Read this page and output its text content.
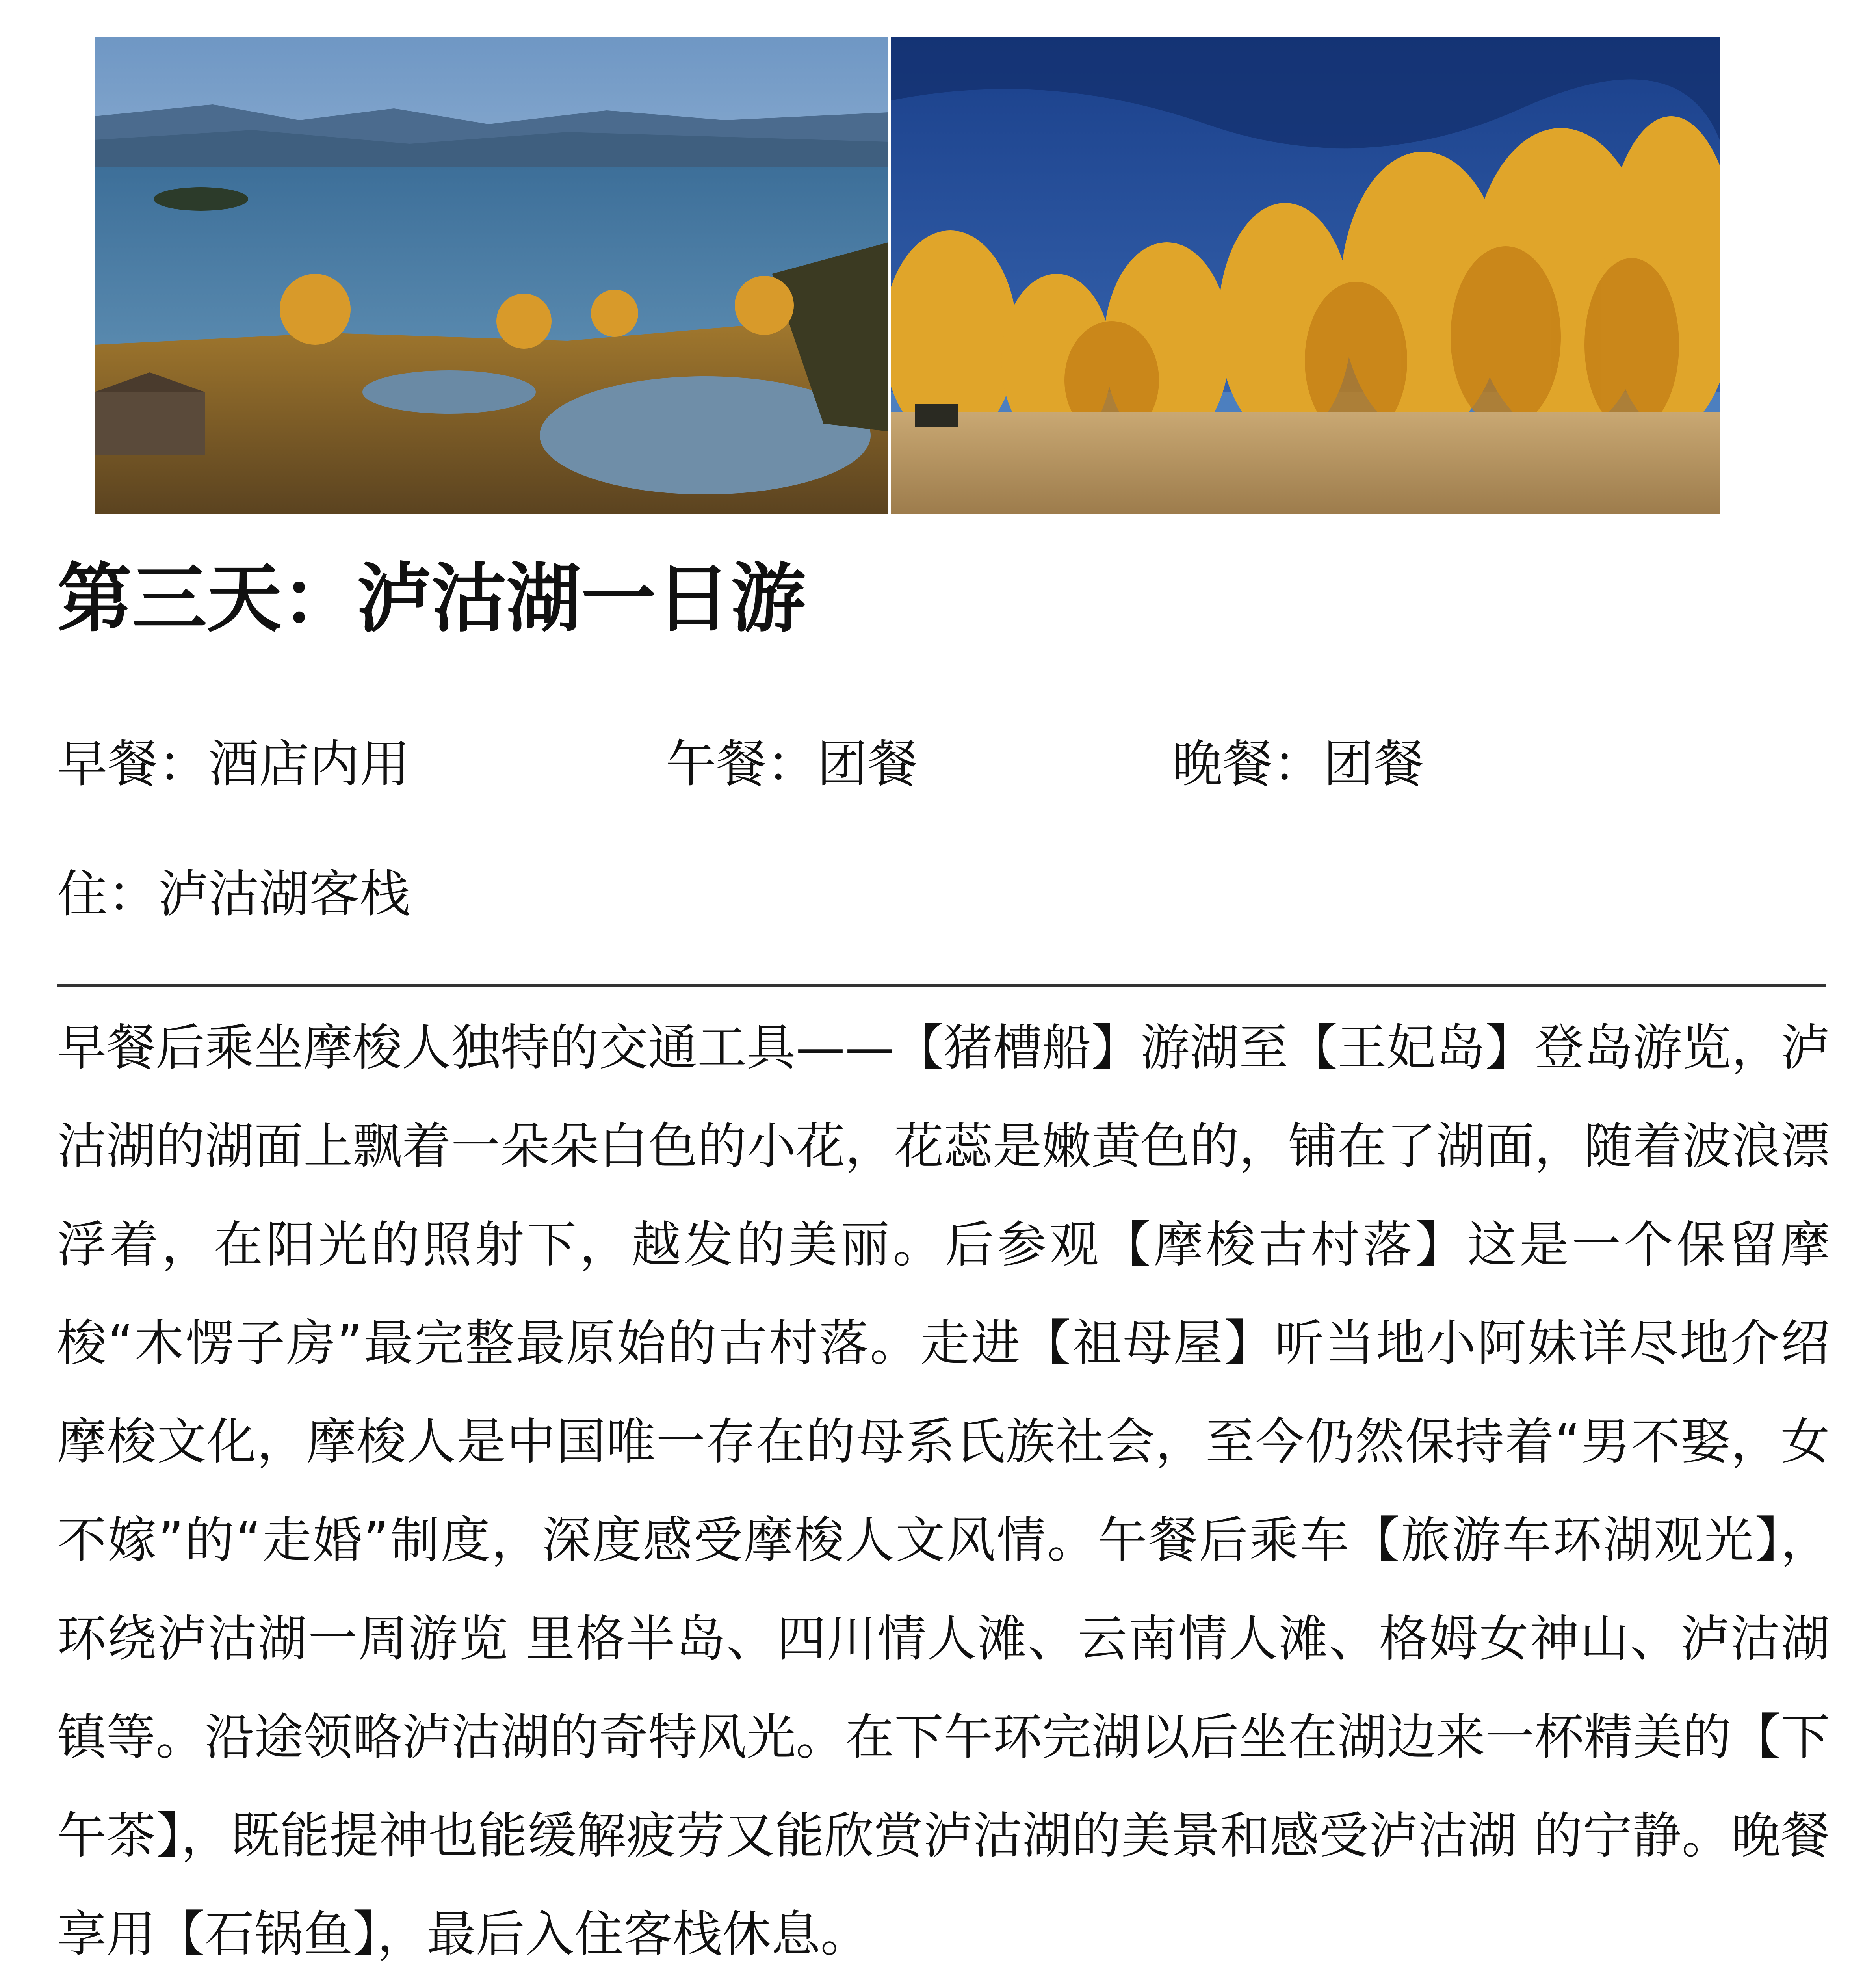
第三天：泸沽湖一日游
早餐：酒店内用	午餐：团餐	晚餐：团餐
住：泸沽湖客栈
早餐后乘坐摩梭人独特的交通工具——【猪槽船】游湖至【王妃岛】登岛游览，泸沽湖的湖面上飘着一朵朵白色的小花，花蕊是嫩黄色的，铺在了湖面，随着波浪漂浮着，在阳光的照射下，越发的美丽。后参观【摩梭古村落】这是一个保留摩梭“木愣子房”最完整最原始的古村落。走进【祖母屋】听当地小阿妹详尽地介绍摩梭文化，摩梭人是中国唯一存在的母系氏族社会，至今仍然保持着“男不娶，女不嫁”的“走婚”制度，深度感受摩梭人文风情。午餐后乘车【旅游车环湖观光】，环绕泸沽湖一周游览 里格半岛、四川情人滩、云南情人滩、格姆女神山、泸沽湖镇等。沿途领略泸沽湖的奇特风光。在下午环完湖以后坐在湖边来一杯精美的【下午茶】，既能提神也能缓解疲劳又能欣赏泸沽湖的美景和感受泸沽湖 的宁静。晚餐享用【石锅鱼】，最后入住客栈休息。
